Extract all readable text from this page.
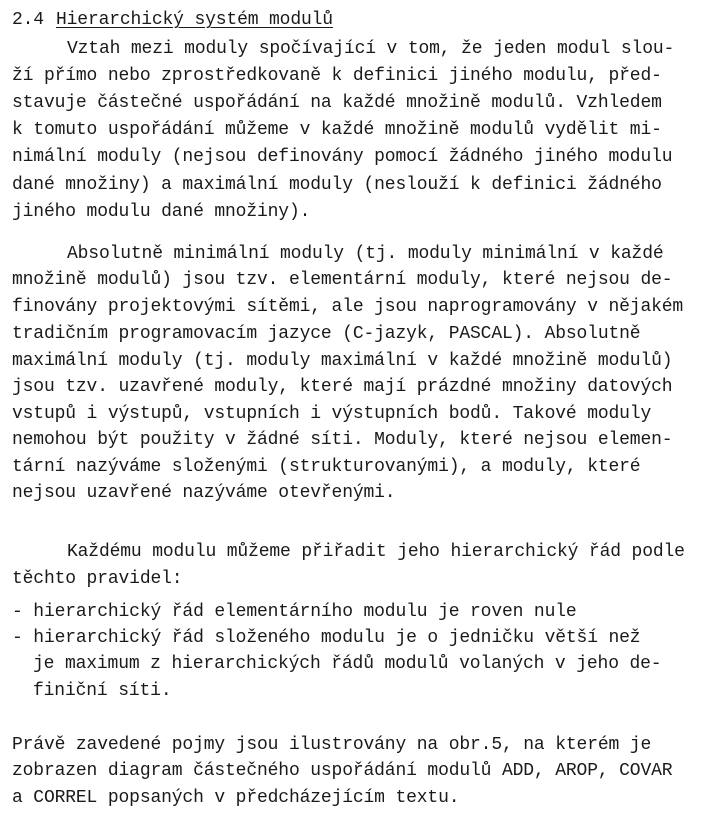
2.4 Hierarchický systém modulů
Vztah mezi moduly spočívající v tom, že jeden modul slou-
ží přímo nebo zprostředkovaně k definici jiného modulu, před-
stavuje částečné uspořádání na každé množině modulů. Vzhledem
k tomuto uspořádání můžeme v každé množině modulů vydělit mi-
nimální moduly (nejsou definovány pomocí žádného jiného modulu
dané množiny) a maximální moduly (neslouží k definici žádného
jiného modulu dané množiny).
Absolutně minimální moduly (tj. moduly minimální v každé
množině modulů) jsou tzv. elementární moduly, které nejsou de-
finovány projektovými sítěmi, ale jsou naprogramovány v nějakém
tradičním programovacím jazyce (C-jazyk, PASCAL). Absolutně
maximální moduly (tj. moduly maximální v každé množině modulů)
jsou tzv. uzavřené moduly, které mají prázdné množiny datových
vstupů i výstupů, vstupních i výstupních bodů. Takové moduly
nemohou být použity v žádné síti. Moduly, které nejsou elemen-
tární nazýváme složenými (strukturovanými), a moduly, které
nejsou uzavřené nazýváme otevřenými.
Každému modulu můžeme přiřadit jeho hierarchický řád podle
těchto pravidel:
- hierarchický řád elementárního modulu je roven nule
- hierarchický řád složeného modulu je o jedničku větší než
je maximum z hierarchických řádů modulů volaných v jeho de-
finiční síti.
Právě zavedené pojmy jsou ilustrovány na obr.5, na kterém je
zobrazen diagram částečného uspořádání modulů ADD, AROP, COVAR
a CORREL popsaných v předcházejícím textu.
